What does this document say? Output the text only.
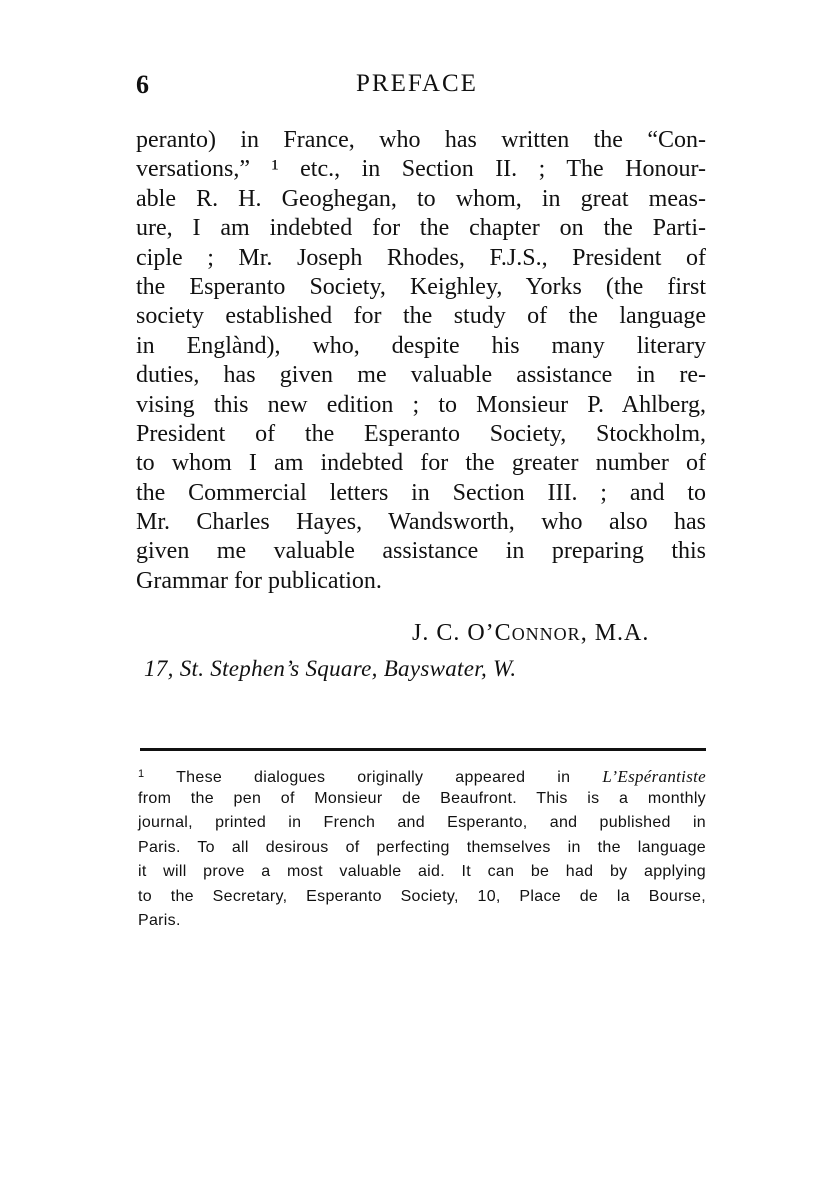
6	PREFACE
peranto) in France, who has written the “Con-
versations,” ¹ etc., in Section II. ; The Honour-
able R. H. Geoghegan, to whom, in great meas-
ure, I am indebted for the chapter on the Parti-
ciple ; Mr. Joseph Rhodes, F.J.S., President of
the Esperanto Society, Keighley, Yorks (the first
society established for the study of the language
in Englànd), who, despite his many literary
duties, has given me valuable assistance in re-
vising this new edition ; to Monsieur P. Ahlberg,
President of the Esperanto Society, Stockholm,
to whom I am indebted for the greater number of
the Commercial letters in Section III. ; and to
Mr. Charles Hayes, Wandsworth, who also has
given me valuable assistance in preparing this
Grammar for publication.
J. C. O’CONNOR, M.A.
17, St. Stephen’s Square, Bayswater, W.
$^1$ These dialogues originally appeared in L’Espérantiste
from the pen of Monsieur de Beaufront. This is a monthly
journal, printed in French and Esperanto, and published in
Paris. To all desirous of perfecting themselves in the language
it will prove a most valuable aid. It can be had by applying
to the Secretary, Esperanto Society, 10, Place de la Bourse,
Paris.
